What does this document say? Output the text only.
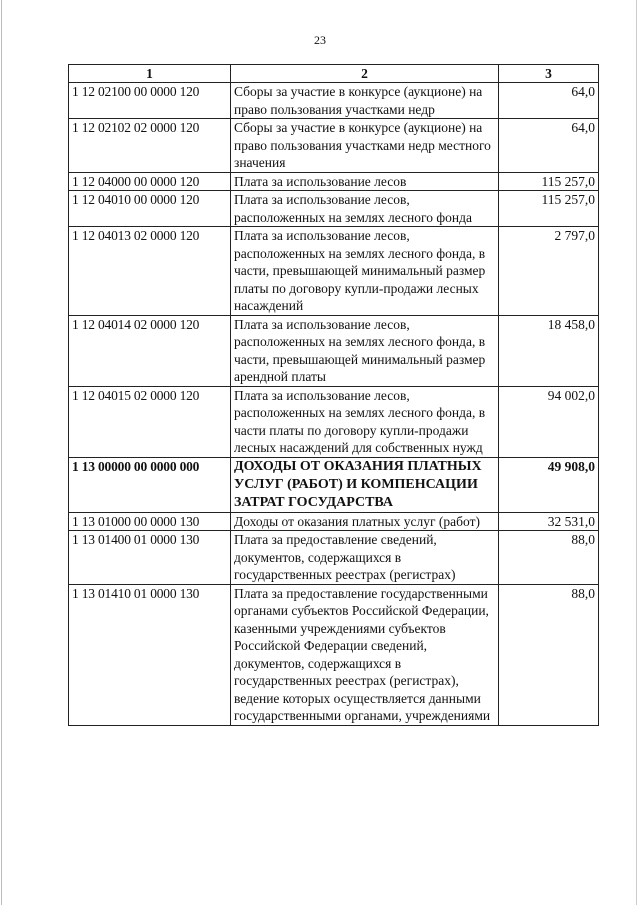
23
1	2	3
1 12 02100 00 0000 120	Сборы за участие в конкурсе (аукционе) на право пользования участками недр	64,0
1 12 02102 02 0000 120	Сборы за участие в конкурсе (аукционе) на право пользования участками недр местного значения	64,0
1 12 04000 00 0000 120	Плата за использование лесов	115 257,0
1 12 04010 00 0000 120	Плата за использование лесов, расположенных на землях лесного фонда	115 257,0
1 12 04013 02 0000 120	Плата за использование лесов, расположенных на землях лесного фонда, в части, превышающей минимальный размер платы по договору купли-продажи лесных насаждений	2 797,0
1 12 04014 02 0000 120	Плата за использование лесов, расположенных на землях лесного фонда, в части, превышающей минимальный размер арендной платы	18 458,0
1 12 04015 02 0000 120	Плата за использование лесов, расположенных на землях лесного фонда, в части платы по договору купли-продажи лесных насаждений для собственных нужд	94 002,0
1 13 00000 00 0000 000	ДОХОДЫ ОТ ОКАЗАНИЯ ПЛАТНЫХ УСЛУГ (РАБОТ) И КОМПЕНСАЦИИ ЗАТРАТ ГОСУДАРСТВА	49 908,0
1 13 01000 00 0000 130	Доходы от оказания платных услуг (работ)	32 531,0
1 13 01400 01 0000 130	Плата за предоставление сведений, документов, содержащихся в государственных реестрах (регистрах)	88,0
1 13 01410 01 0000 130	Плата за предоставление государственными органами субъектов Российской Федерации, казенными учреждениями субъектов Российской Федерации сведений, документов, содержащихся в государственных реестрах (регистрах), ведение которых осуществляется данными государственными органами, учреждениями	88,0
